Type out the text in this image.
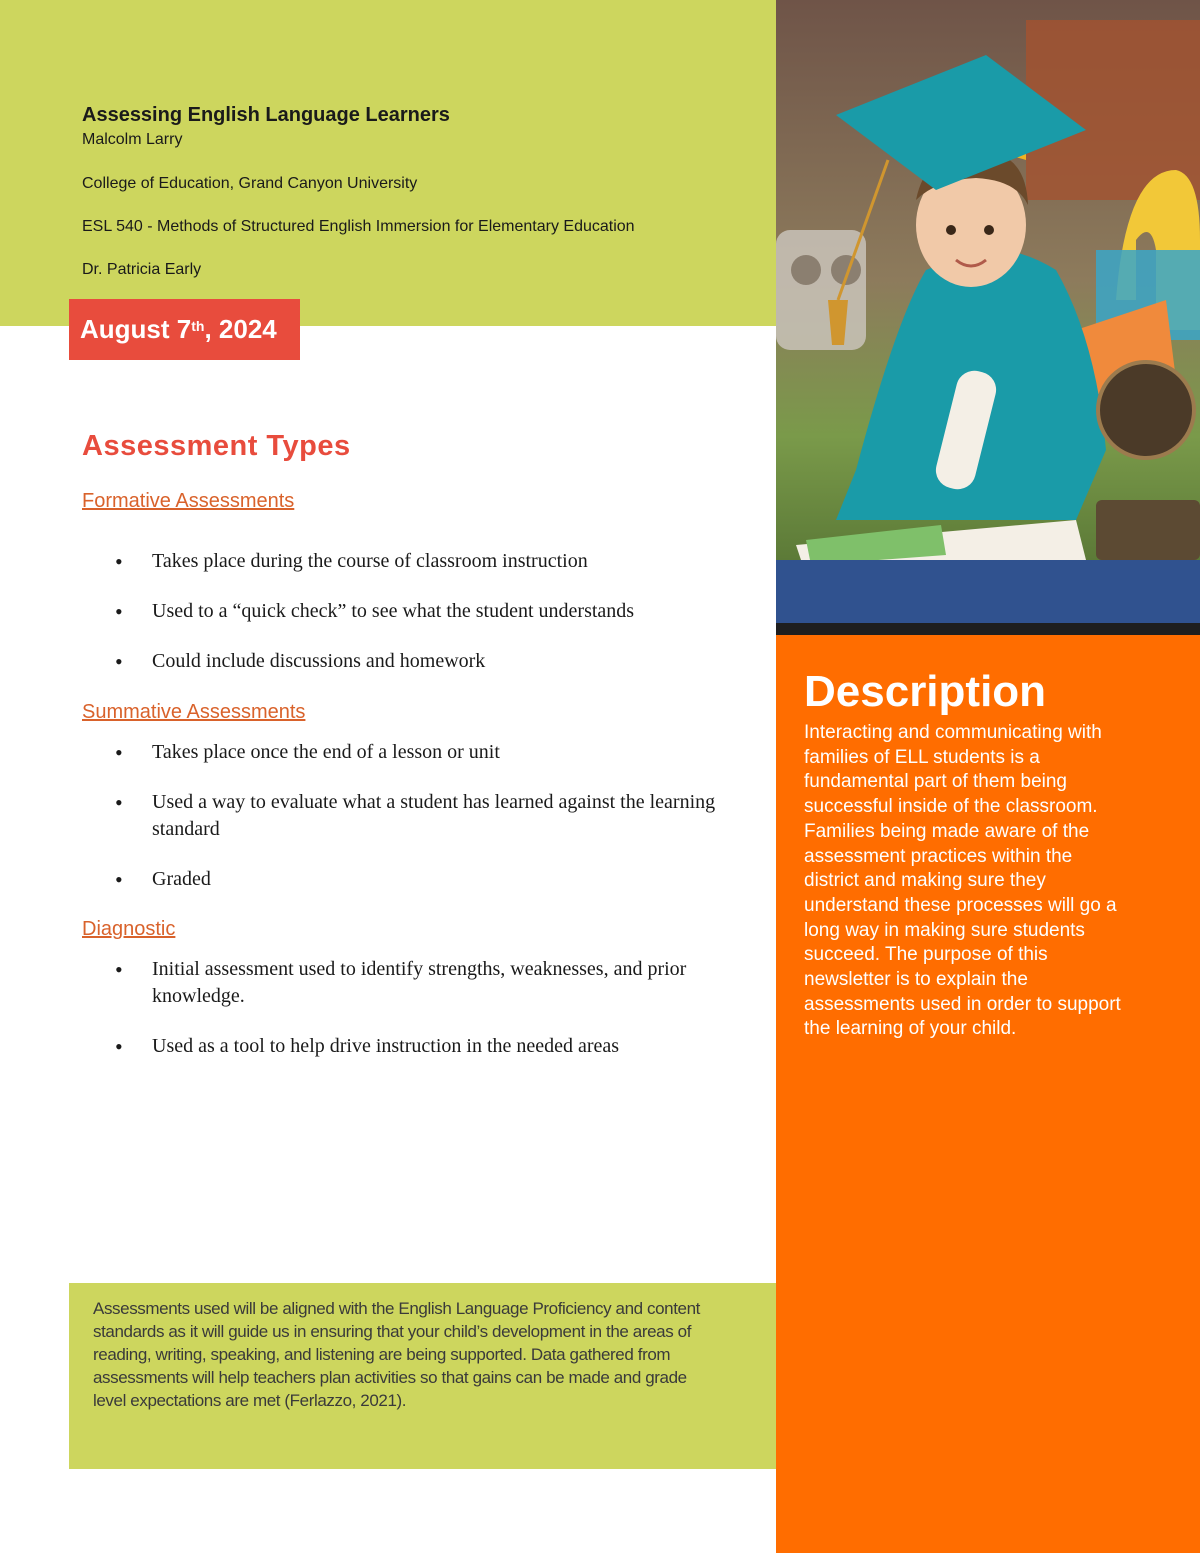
Assessing English Language Learners
Malcolm Larry
College of Education, Grand Canyon University
ESL 540 - Methods of Structured English Immersion for Elementary Education
Dr. Patricia Early
August 7th , 2024
Assessment Types
Formative Assessments
• Takes place during the course of classroom instruction
• Used to a “quick check” to see what the student understands
• Could include discussions and homework
Summative Assessments
• Takes place once the end of a lesson or unit
• Used a way to evaluate what a student has learned against the learning standard
• Graded
Diagnostic
• Initial assessment used to identify strengths, weaknesses, and prior knowledge.
• Used as a tool to help drive instruction in the needed areas
Assessments used will be aligned with the English Language Proficiency and content standards as it will guide us in ensuring that your child’s development in the areas of reading, writing, speaking, and listening are being supported. Data gathered from assessments will help teachers plan activities so that gains can be made and grade level expectations are met (Ferlazzo, 2021).
Description
Interacting and communicating with families of ELL students is a fundamental part of them being successful inside of the classroom. Families being made aware of the assessment practices within the district and making sure they understand these processes will go a long way in making sure students succeed. The purpose of this newsletter is to explain the assessments used in order to support the learning of your child.
